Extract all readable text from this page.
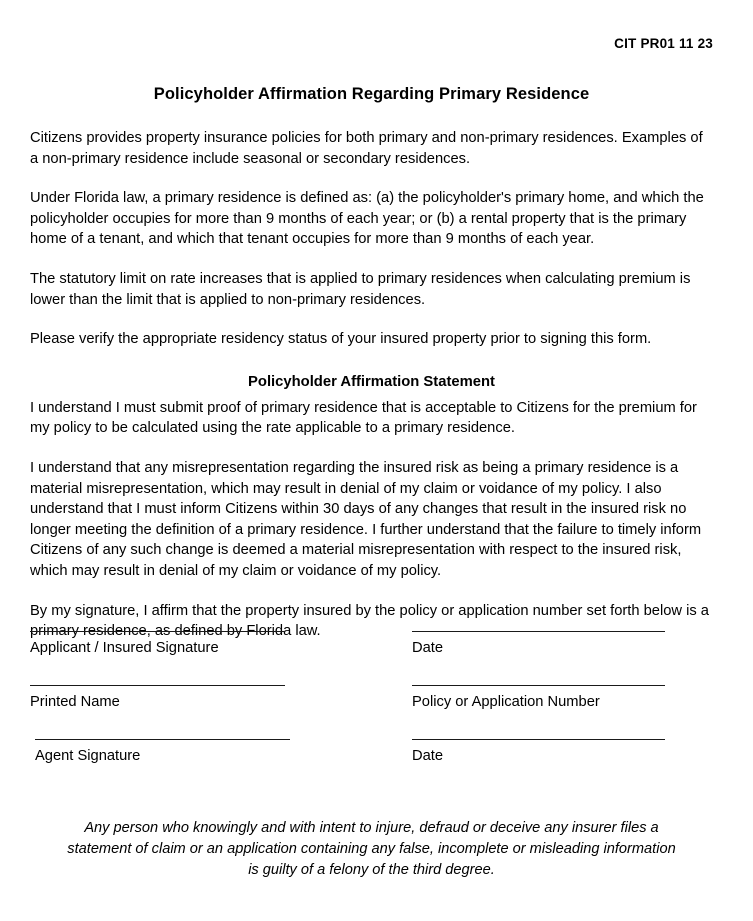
CIT PR01 11 23
Policyholder Affirmation Regarding Primary Residence

Citizens provides property insurance policies for both primary and non-primary residences. Examples of a non-primary residence include seasonal or secondary residences.

Under Florida law, a primary residence is defined as: (a) the policyholder's primary home, and which the policyholder occupies for more than 9 months of each year; or (b) a rental property that is the primary home of a tenant, and which that tenant occupies for more than 9 months of each year.

The statutory limit on rate increases that is applied to primary residences when calculating premium is lower than the limit that is applied to non-primary residences.

Please verify the appropriate residency status of your insured property prior to signing this form.

Policyholder Affirmation Statement

I understand I must submit proof of primary residence that is acceptable to Citizens for the premium for my policy to be calculated using the rate applicable to a primary residence.

I understand that any misrepresentation regarding the insured risk as being a primary residence is a material misrepresentation, which may result in denial of my claim or voidance of my policy. I also understand that I must inform Citizens within 30 days of any changes that result in the insured risk no longer meeting the definition of a primary residence. I further understand that the failure to timely inform Citizens of any such change is deemed a material misrepresentation with respect to the insured risk, which may result in denial of my claim or voidance of my policy.

By my signature, I affirm that the property insured by the policy or application number set forth below is a primary residence, as defined by Florida law.

Applicant / Insured Signature	Date
Printed Name	Policy or Application Number
Agent Signature	Date
Any person who knowingly and with intent to injure, defraud or deceive any insurer files a
statement of claim or an application containing any false, incomplete or misleading information
is guilty of a felony of the third degree.
